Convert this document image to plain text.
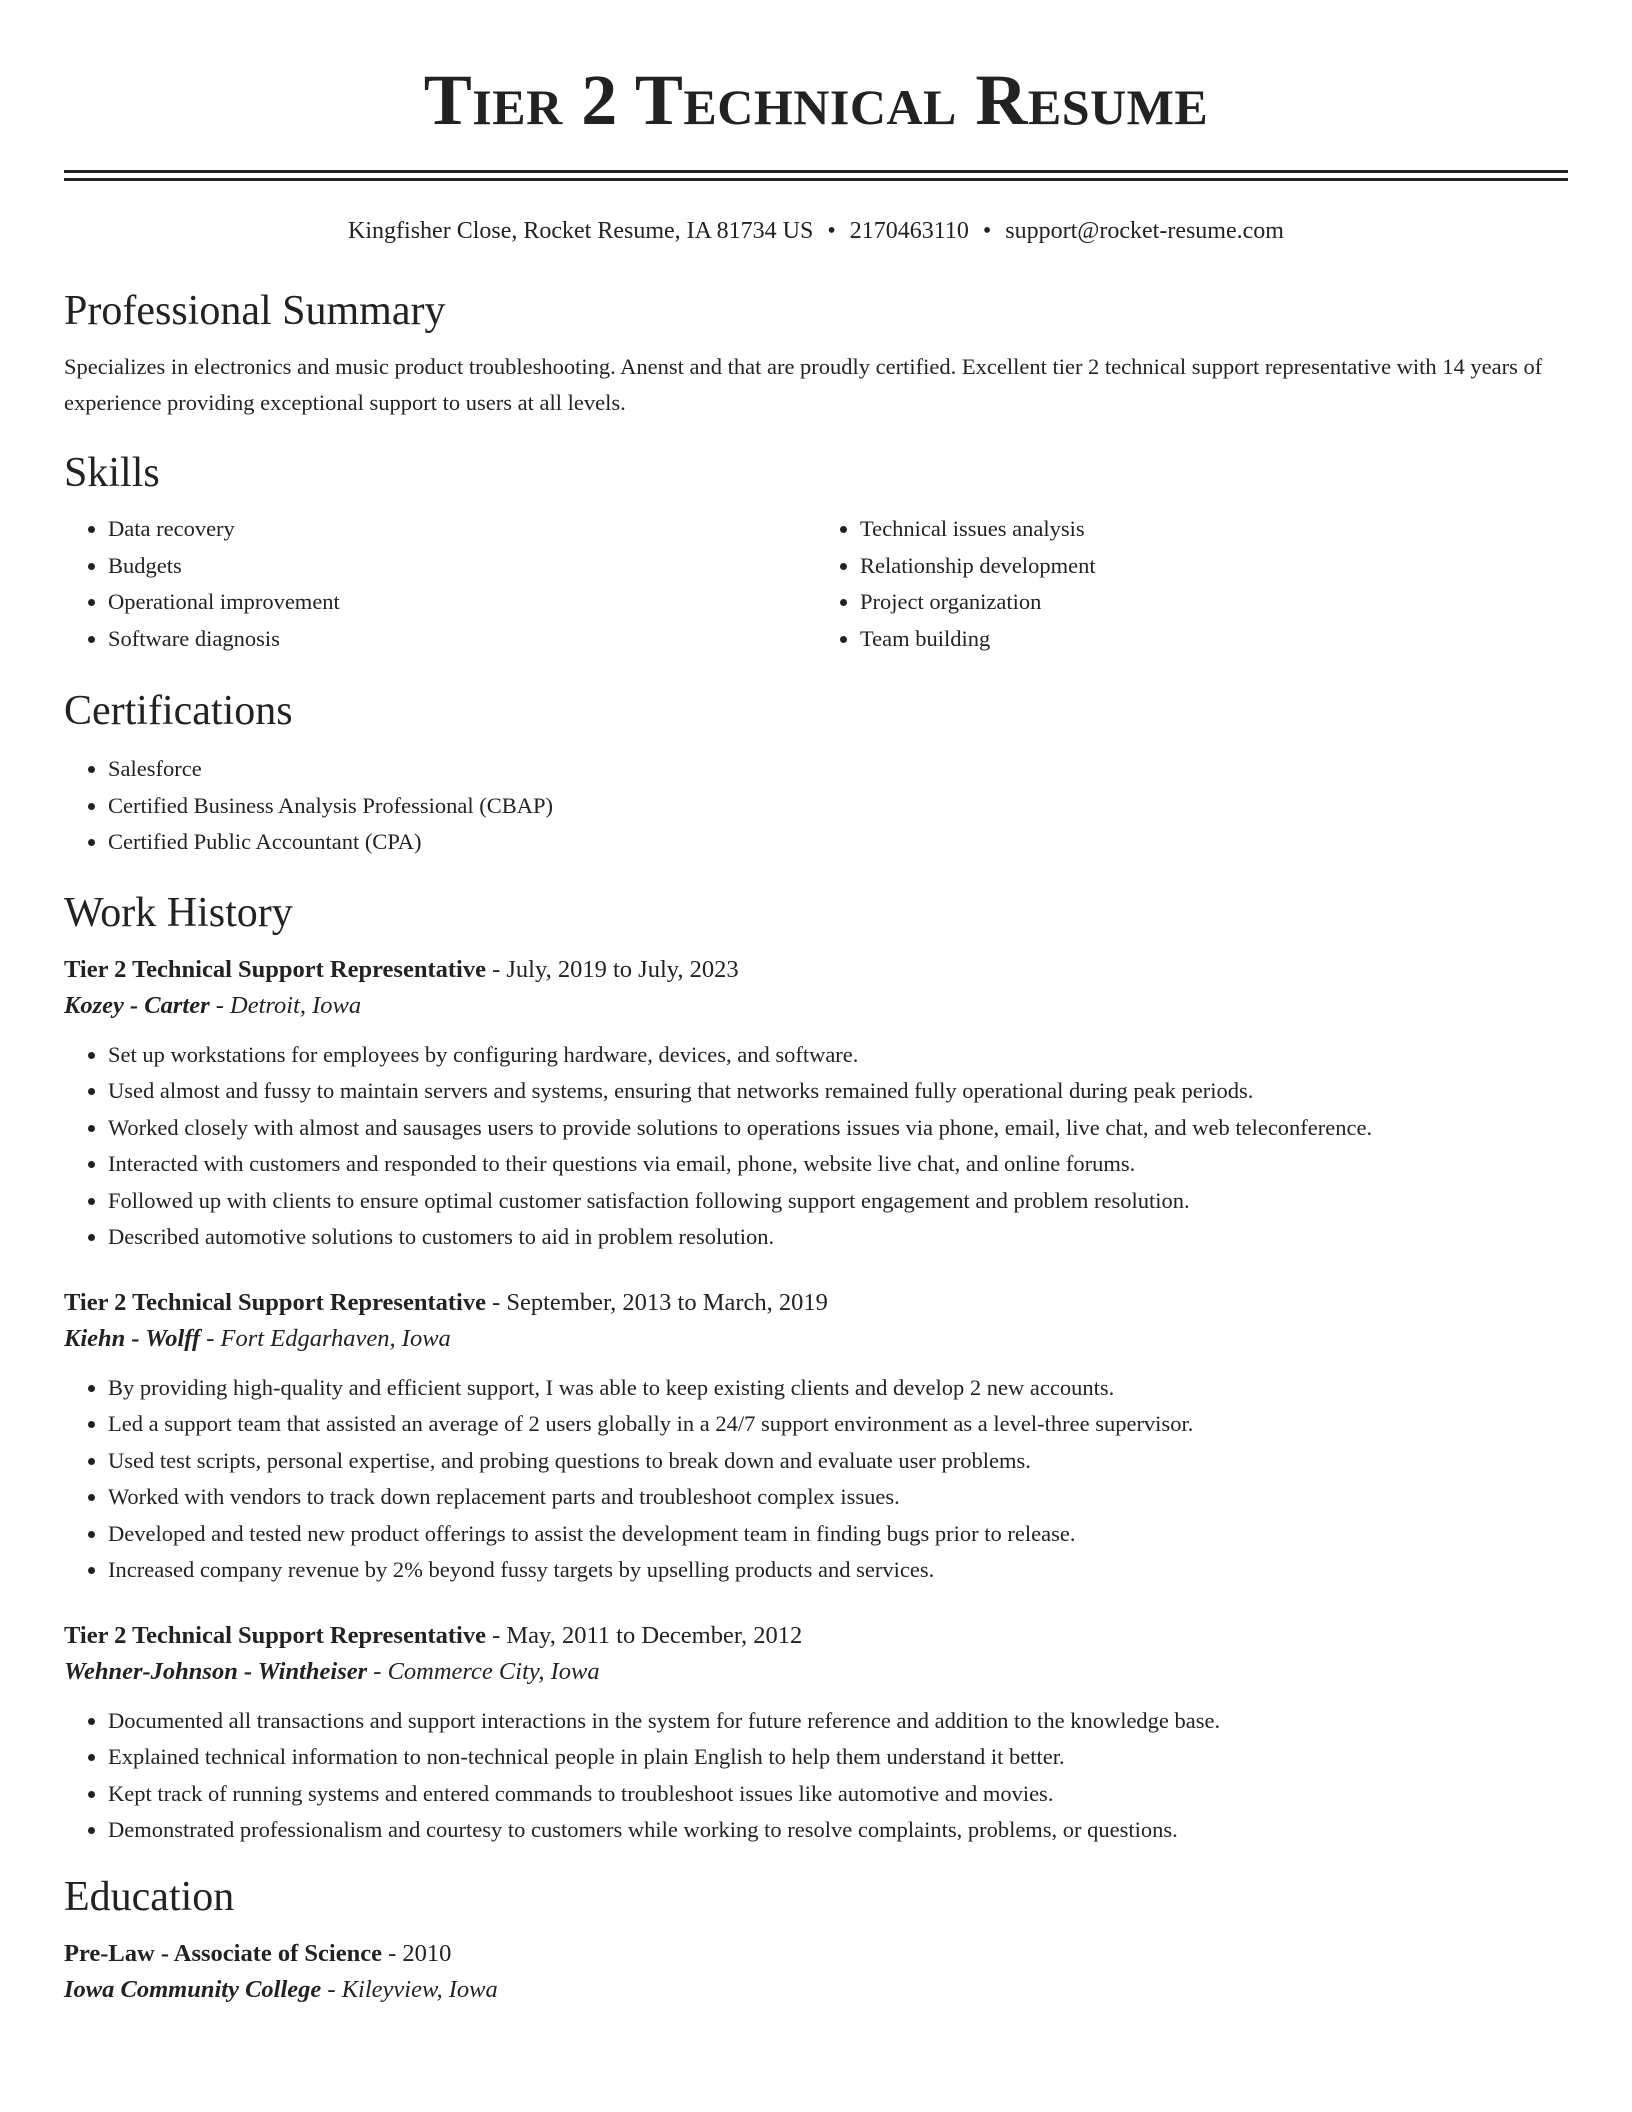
Tier 2 Technical Resume
Kingfisher Close, Rocket Resume, IA 81734 US • 2170463110 • support@rocket-resume.com
Professional Summary

Specializes in electronics and music product troubleshooting. Anenst and that are proudly certified. Excellent tier 2 technical support representative with 14 years of experience providing exceptional support to users at all levels.

Skills
• Data recovery
• Budgets
• Operational improvement
• Software diagnosis
• Technical issues analysis
• Relationship development
• Project organization
• Team building
Certifications
• Salesforce
• Certified Business Analysis Professional (CBAP)
• Certified Public Accountant (CPA)
Work History
Tier 2 Technical Support Representative - July, 2019 to July, 2023
Kozey - Carter - Detroit, Iowa
• Set up workstations for employees by configuring hardware, devices, and software.
• Used almost and fussy to maintain servers and systems, ensuring that networks remained fully operational during peak periods.
• Worked closely with almost and sausages users to provide solutions to operations issues via phone, email, live chat, and web teleconference.
• Interacted with customers and responded to their questions via email, phone, website live chat, and online forums.
• Followed up with clients to ensure optimal customer satisfaction following support engagement and problem resolution.
• Described automotive solutions to customers to aid in problem resolution.
Tier 2 Technical Support Representative - September, 2013 to March, 2019
Kiehn - Wolff - Fort Edgarhaven, Iowa
• By providing high-quality and efficient support, I was able to keep existing clients and develop 2 new accounts.
• Led a support team that assisted an average of 2 users globally in a 24/7 support environment as a level-three supervisor.
• Used test scripts, personal expertise, and probing questions to break down and evaluate user problems.
• Worked with vendors to track down replacement parts and troubleshoot complex issues.
• Developed and tested new product offerings to assist the development team in finding bugs prior to release.
• Increased company revenue by 2% beyond fussy targets by upselling products and services.
Tier 2 Technical Support Representative - May, 2011 to December, 2012
Wehner-Johnson - Wintheiser - Commerce City, Iowa
• Documented all transactions and support interactions in the system for future reference and addition to the knowledge base.
• Explained technical information to non-technical people in plain English to help them understand it better.
• Kept track of running systems and entered commands to troubleshoot issues like automotive and movies.
• Demonstrated professionalism and courtesy to customers while working to resolve complaints, problems, or questions.
Education
Pre-Law - Associate of Science - 2010
Iowa Community College - Kileyview, Iowa
